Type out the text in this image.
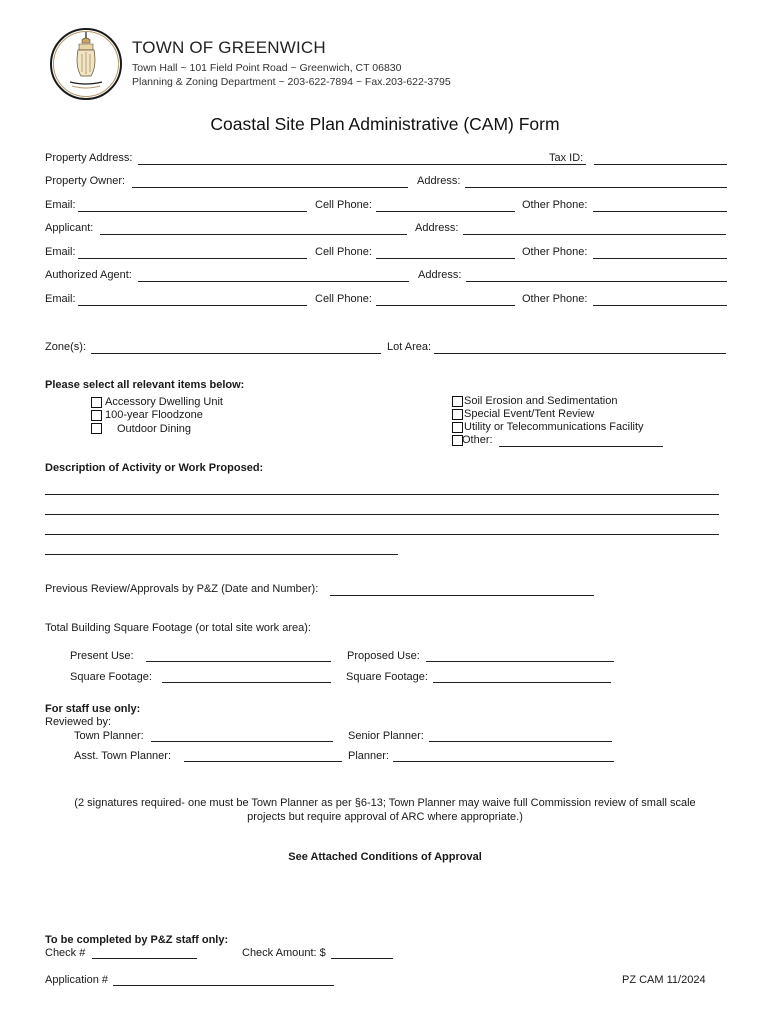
TOWN OF GREENWICH
Town Hall ~ 101 Field Point Road ~ Greenwich, CT 06830
Planning & Zoning Department ~ 203-622-7894 ~ Fax.203-622-3795
Coastal Site Plan Administrative (CAM) Form
Property Address:	Tax ID:
Property Owner:	Address:
Email:	Cell Phone:	Other Phone:
Applicant:	Address:
Email:	Cell Phone:	Other Phone:
Authorized Agent:	Address:
Email:	Cell Phone:	Other Phone:
Zone(s):	Lot Area:
Please select all relevant items below:
Accessory Dwelling Unit
100-year Floodzone
Outdoor Dining
Soil Erosion and Sedimentation
Special Event/Tent Review
Utility or Telecommunications Facility
Other:
Description of Activity or Work Proposed:
Previous Review/Approvals by P&Z (Date and Number):
Total Building Square Footage (or total site work area):
Present Use:	Proposed Use:
Square Footage:	Square Footage:
For staff use only:
Reviewed by:
Town Planner:	Senior Planner:
Asst. Town Planner:	Planner:
(2 signatures required- one must be Town Planner as per §6-13; Town Planner may waive full Commission review of small scale
projects but require approval of ARC where appropriate.)
See Attached Conditions of Approval
To be completed by P&Z staff only:
Check #	Check Amount: $
Application #	PZ CAM 11/2024
